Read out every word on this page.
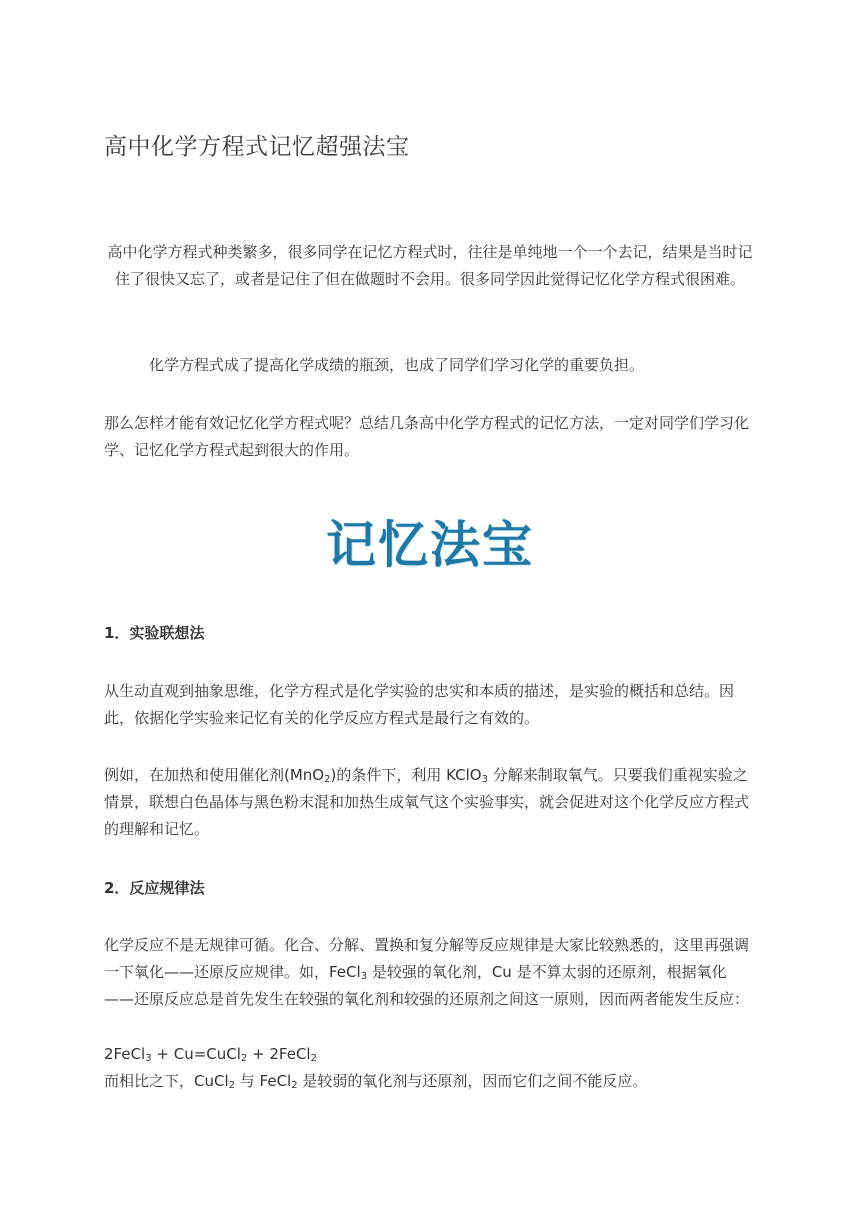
高中化学方程式记忆超强法宝

高中化学方程式种类繁多，很多同学在记忆方程式时，往往是单纯地一个一个去记，结果是当时记住了很快又忘了，或者是记住了但在做题时不会用。很多同学因此觉得记忆化学方程式很困难。

化学方程式成了提高化学成绩的瓶颈，也成了同学们学习化学的重要负担。

那么怎样才能有效记忆化学方程式呢？总结几条高中化学方程式的记忆方法，一定对同学们学习化学、记忆化学方程式起到很大的作用。

记忆法宝

1．实验联想法

从生动直观到抽象思维，化学方程式是化学实验的忠实和本质的描述，是实验的概括和总结。因此，依据化学实验来记忆有关的化学反应方程式是最行之有效的。

例如，在加热和使用催化剂(MnO$_2$)的条件下，利用 KClO$_3$ 分解来制取氧气。只要我们重视实验之情景，联想白色晶体与黑色粉末混和加热生成氧气这个实验事实，就会促进对这个化学反应方程式的理解和记忆。

2．反应规律法

化学反应不是无规律可循。化合、分解、置换和复分解等反应规律是大家比较熟悉的，这里再强调一下氧化——还原反应规律。如，FeCl$_3$ 是较强的氧化剂，Cu 是不算太弱的还原剂，根据氧化——还原反应总是首先发生在较强的氧化剂和较强的还原剂之间这一原则，因而两者能发生反应：

2FeCl$_3$ + Cu=CuCl$_2$ + 2FeCl$_2$

而相比之下，CuCl$_2$ 与 FeCl$_2$ 是较弱的氧化剂与还原剂，因而它们之间不能反应。
